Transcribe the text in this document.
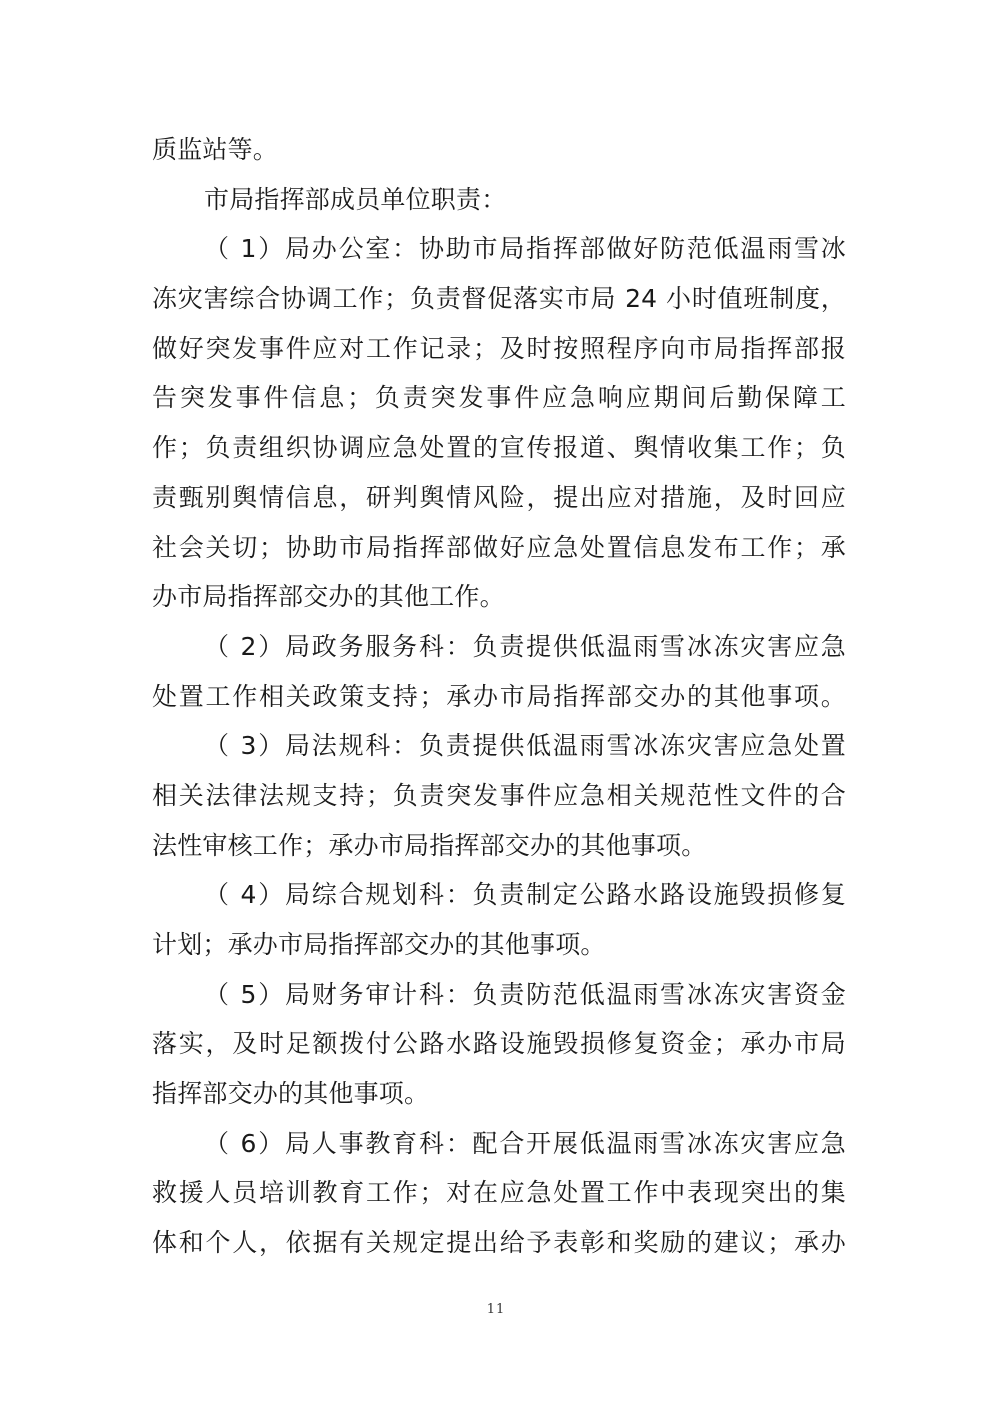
质监站等。
市局指挥部成员单位职责：
（ 1）局办公室：协助市局指挥部做好防范低温雨雪冰
冻灾害综合协调工作；负责督促落实市局 24 小时值班制度，
做好突发事件应对工作记录；及时按照程序向市局指挥部报
告突发事件信息；负责突发事件应急响应期间后勤保障工
作；负责组织协调应急处置的宣传报道、舆情收集工作；负
责甄别舆情信息，研判舆情风险，提出应对措施，及时回应
社会关切；协助市局指挥部做好应急处置信息发布工作；承
办市局指挥部交办的其他工作。
（ 2）局政务服务科：负责提供低温雨雪冰冻灾害应急
处置工作相关政策支持；承办市局指挥部交办的其他事项。
（ 3）局法规科：负责提供低温雨雪冰冻灾害应急处置
相关法律法规支持；负责突发事件应急相关规范性文件的合
法性审核工作；承办市局指挥部交办的其他事项。
（ 4）局综合规划科：负责制定公路水路设施毁损修复
计划；承办市局指挥部交办的其他事项。
（ 5）局财务审计科：负责防范低温雨雪冰冻灾害资金
落实，及时足额拨付公路水路设施毁损修复资金；承办市局
指挥部交办的其他事项。
（ 6）局人事教育科：配合开展低温雨雪冰冻灾害应急
救援人员培训教育工作；对在应急处置工作中表现突出的集
体和个人，依据有关规定提出给予表彰和奖励的建议；承办
11
